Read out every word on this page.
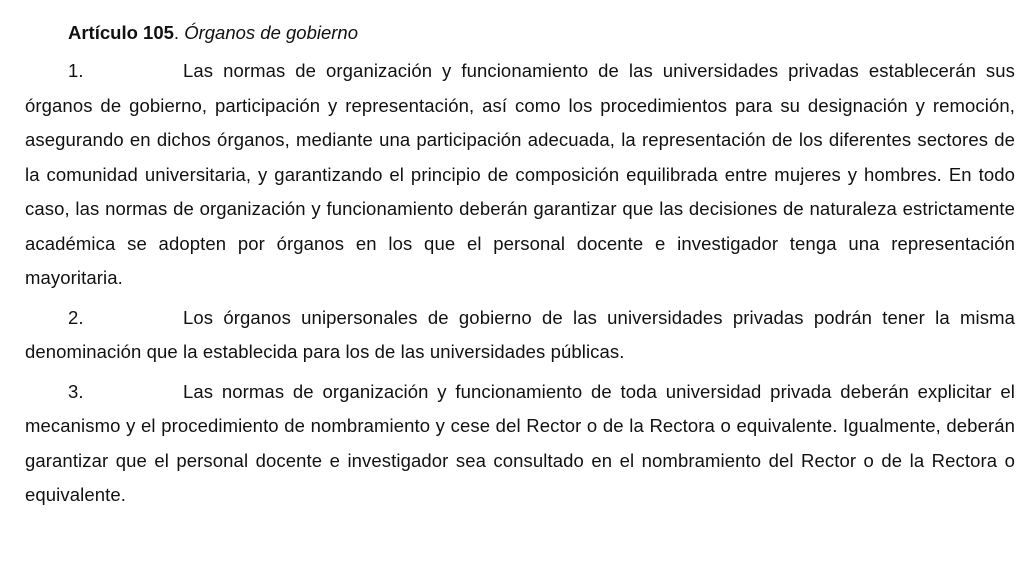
Artículo 105. Órganos de gobierno

1.	Las normas de organización y funcionamiento de las universidades privadas establecerán sus órganos de gobierno, participación y representación, así como los procedimientos para su designación y remoción, asegurando en dichos órganos, mediante una participación adecuada, la representación de los diferentes sectores de la comunidad universitaria, y garantizando el principio de composición equilibrada entre mujeres y hombres. En todo caso, las normas de organización y funcionamiento deberán garantizar que las decisiones de naturaleza estrictamente académica se adopten por órganos en los que el personal docente e investigador tenga una representación mayoritaria.

2.	Los órganos unipersonales de gobierno de las universidades privadas podrán tener la misma denominación que la establecida para los de las universidades públicas.

3.	Las normas de organización y funcionamiento de toda universidad privada deberán explicitar el mecanismo y el procedimiento de nombramiento y cese del Rector o de la Rectora o equivalente. Igualmente, deberán garantizar que el personal docente e investigador sea consultado en el nombramiento del Rector o de la Rectora o equivalente.
